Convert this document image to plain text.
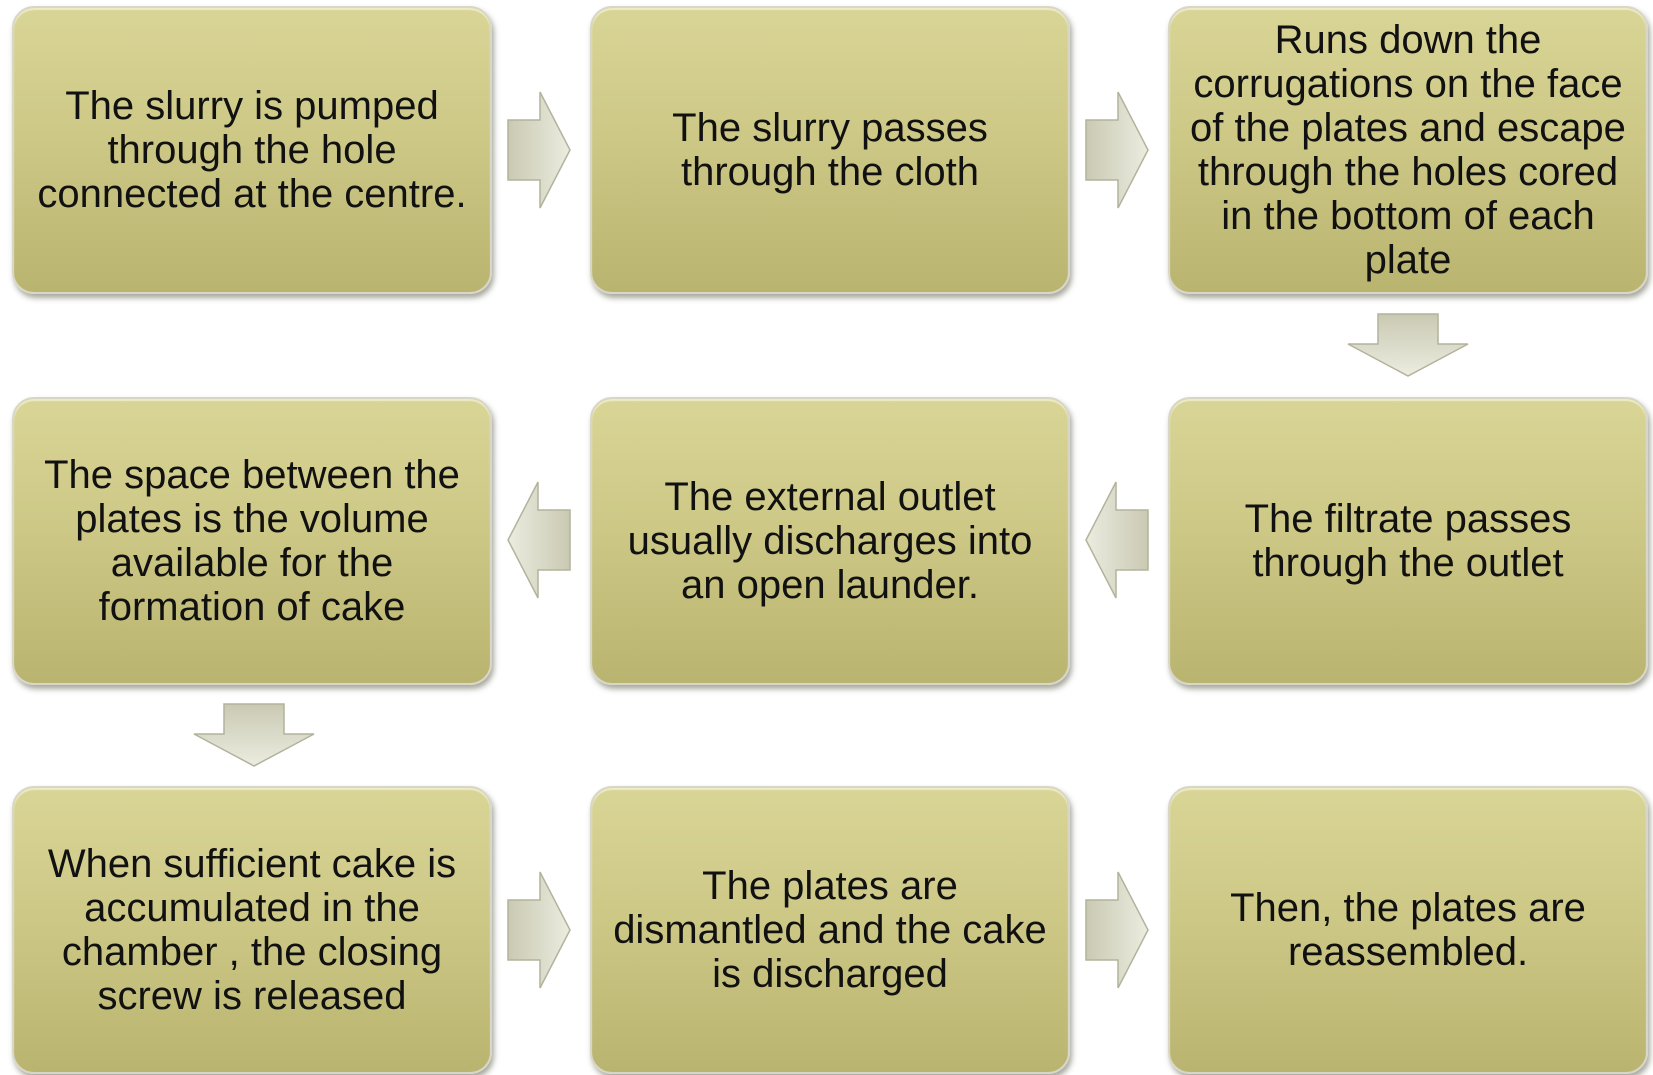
The slurry is pumped through the hole connected at the centre.
The slurry passes through the cloth
Runs down the corrugations on the face of the plates and escape through the holes cored in the bottom of each plate
The space between the plates is the volume available for the formation of cake
The external outlet usually discharges into an open launder.
The filtrate passes through the outlet
When sufficient cake is accumulated in the chamber , the closing screw is released
The plates are dismantled and the cake is discharged
Then, the plates are reassembled.
